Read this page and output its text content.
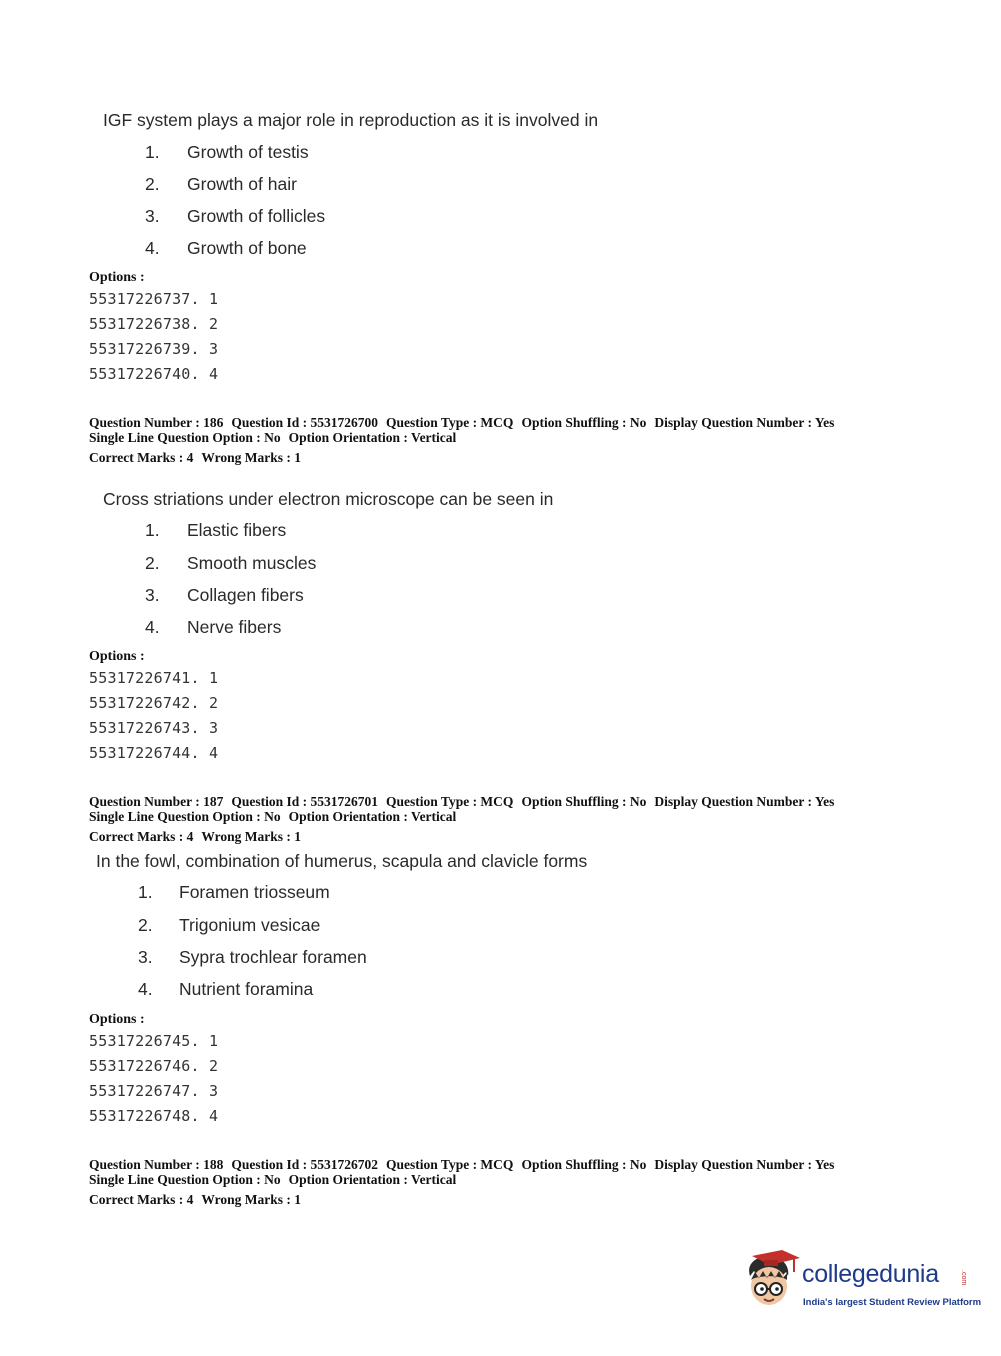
IGF system plays a major role in reproduction as it is involved in
1. Growth of testis
2. Growth of hair
3. Growth of follicles
4. Growth of bone
Options :
55317226737. 1
55317226738. 2
55317226739. 3
55317226740. 4
Question Number : 186 Question Id : 5531726700 Question Type : MCQ Option Shuffling : No Display Question Number : Yes
Single Line Question Option : No Option Orientation : Vertical
Correct Marks : 4 Wrong Marks : 1
Cross striations under electron microscope can be seen in
1. Elastic fibers
2. Smooth muscles
3. Collagen fibers
4. Nerve fibers
Options :
55317226741. 1
55317226742. 2
55317226743. 3
55317226744. 4
Question Number : 187 Question Id : 5531726701 Question Type : MCQ Option Shuffling : No Display Question Number : Yes
Single Line Question Option : No Option Orientation : Vertical
Correct Marks : 4 Wrong Marks : 1
In the fowl, combination of humerus, scapula and clavicle forms
1. Foramen triosseum
2. Trigonium vesicae
3. Sypra trochlear foramen
4. Nutrient foramina
Options :
55317226745. 1
55317226746. 2
55317226747. 3
55317226748. 4
Question Number : 188 Question Id : 5531726702 Question Type : MCQ Option Shuffling : No Display Question Number : Yes
Single Line Question Option : No Option Orientation : Vertical
Correct Marks : 4 Wrong Marks : 1
collegedunia	.com
India's largest Student Review Platform
